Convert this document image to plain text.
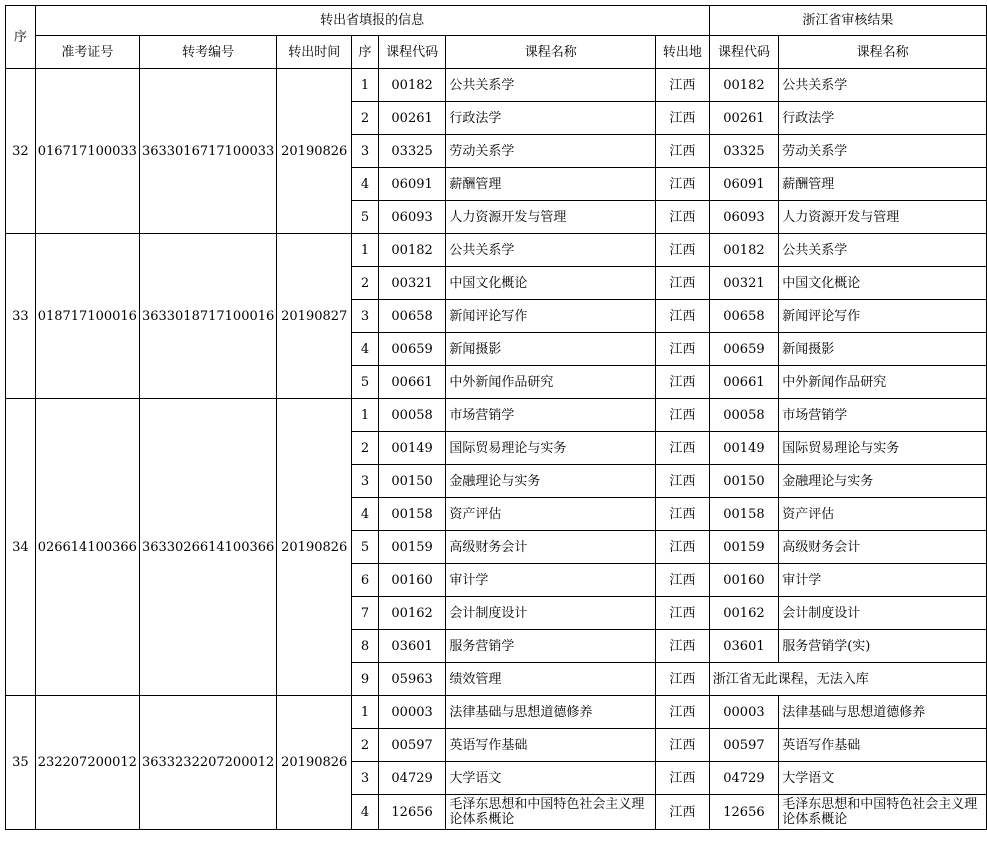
序	转出省填报的信息							浙江省审核结果	
	准考证号	转考编号	转出时间	序	课程代码	课程名称	转出地	课程代码	课程名称
32	016717100033	3633016717100033	20190826	1	00182	公共关系学	江西	00182	公共关系学
				2	00261	行政法学	江西	00261	行政法学
				3	03325	劳动关系学	江西	03325	劳动关系学
				4	06091	薪酬管理	江西	06091	薪酬管理
				5	06093	人力资源开发与管理	江西	06093	人力资源开发与管理
33	018717100016	3633018717100016	20190827	1	00182	公共关系学	江西	00182	公共关系学
				2	00321	中国文化概论	江西	00321	中国文化概论
				3	00658	新闻评论写作	江西	00658	新闻评论写作
				4	00659	新闻摄影	江西	00659	新闻摄影
				5	00661	中外新闻作品研究	江西	00661	中外新闻作品研究
34	026614100366	3633026614100366	20190826	1	00058	市场营销学	江西	00058	市场营销学
				2	00149	国际贸易理论与实务	江西	00149	国际贸易理论与实务
				3	00150	金融理论与实务	江西	00150	金融理论与实务
				4	00158	资产评估	江西	00158	资产评估
				5	00159	高级财务会计	江西	00159	高级财务会计
				6	00160	审计学	江西	00160	审计学
				7	00162	会计制度设计	江西	00162	会计制度设计
				8	03601	服务营销学	江西	03601	服务营销学(实)
				9	05963	绩效管理	江西	浙江省无此课程，无法入库	
35	232207200012	3633232207200012	20190826	1	00003	法律基础与思想道德修养	江西	00003	法律基础与思想道德修养
				2	00597	英语写作基础	江西	00597	英语写作基础
				3	04729	大学语文	江西	04729	大学语文
				4	12656	毛泽东思想和中国特色社会主义理论体系概论	江西	12656	毛泽东思想和中国特色社会主义理论体系概论
